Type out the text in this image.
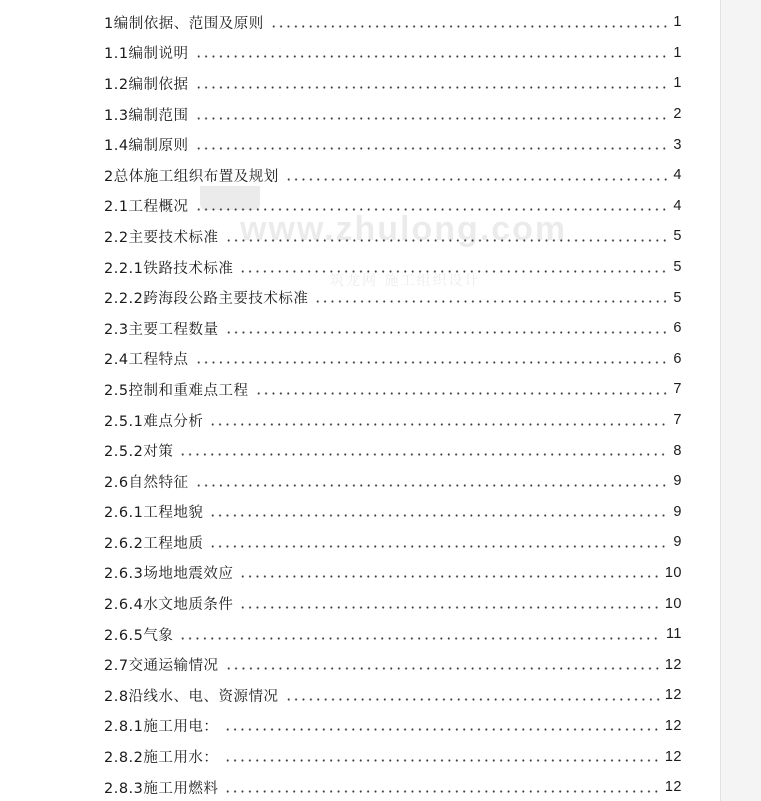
www.zhulong.com
筑龙网 施工组织设计
1编制依据、范围及原则	1
1.1编制说明	1
1.2编制依据	1
1.3编制范围	2
1.4编制原则	3
2总体施工组织布置及规划	4
2.1工程概况	4
2.2主要技术标准	5
2.2.1铁路技术标准	5
2.2.2跨海段公路主要技术标准	5
2.3主要工程数量	6
2.4工程特点	6
2.5控制和重难点工程	7
2.5.1难点分析	7
2.5.2对策	8
2.6自然特征	9
2.6.1工程地貌	9
2.6.2工程地质	9
2.6.3场地地震效应	10
2.6.4水文地质条件	10
2.6.5气象	11
2.7交通运输情况	12
2.8沿线水、电、资源情况	12
2.8.1施工用电：	12
2.8.2施工用水：	12
2.8.3施工用燃料	12
